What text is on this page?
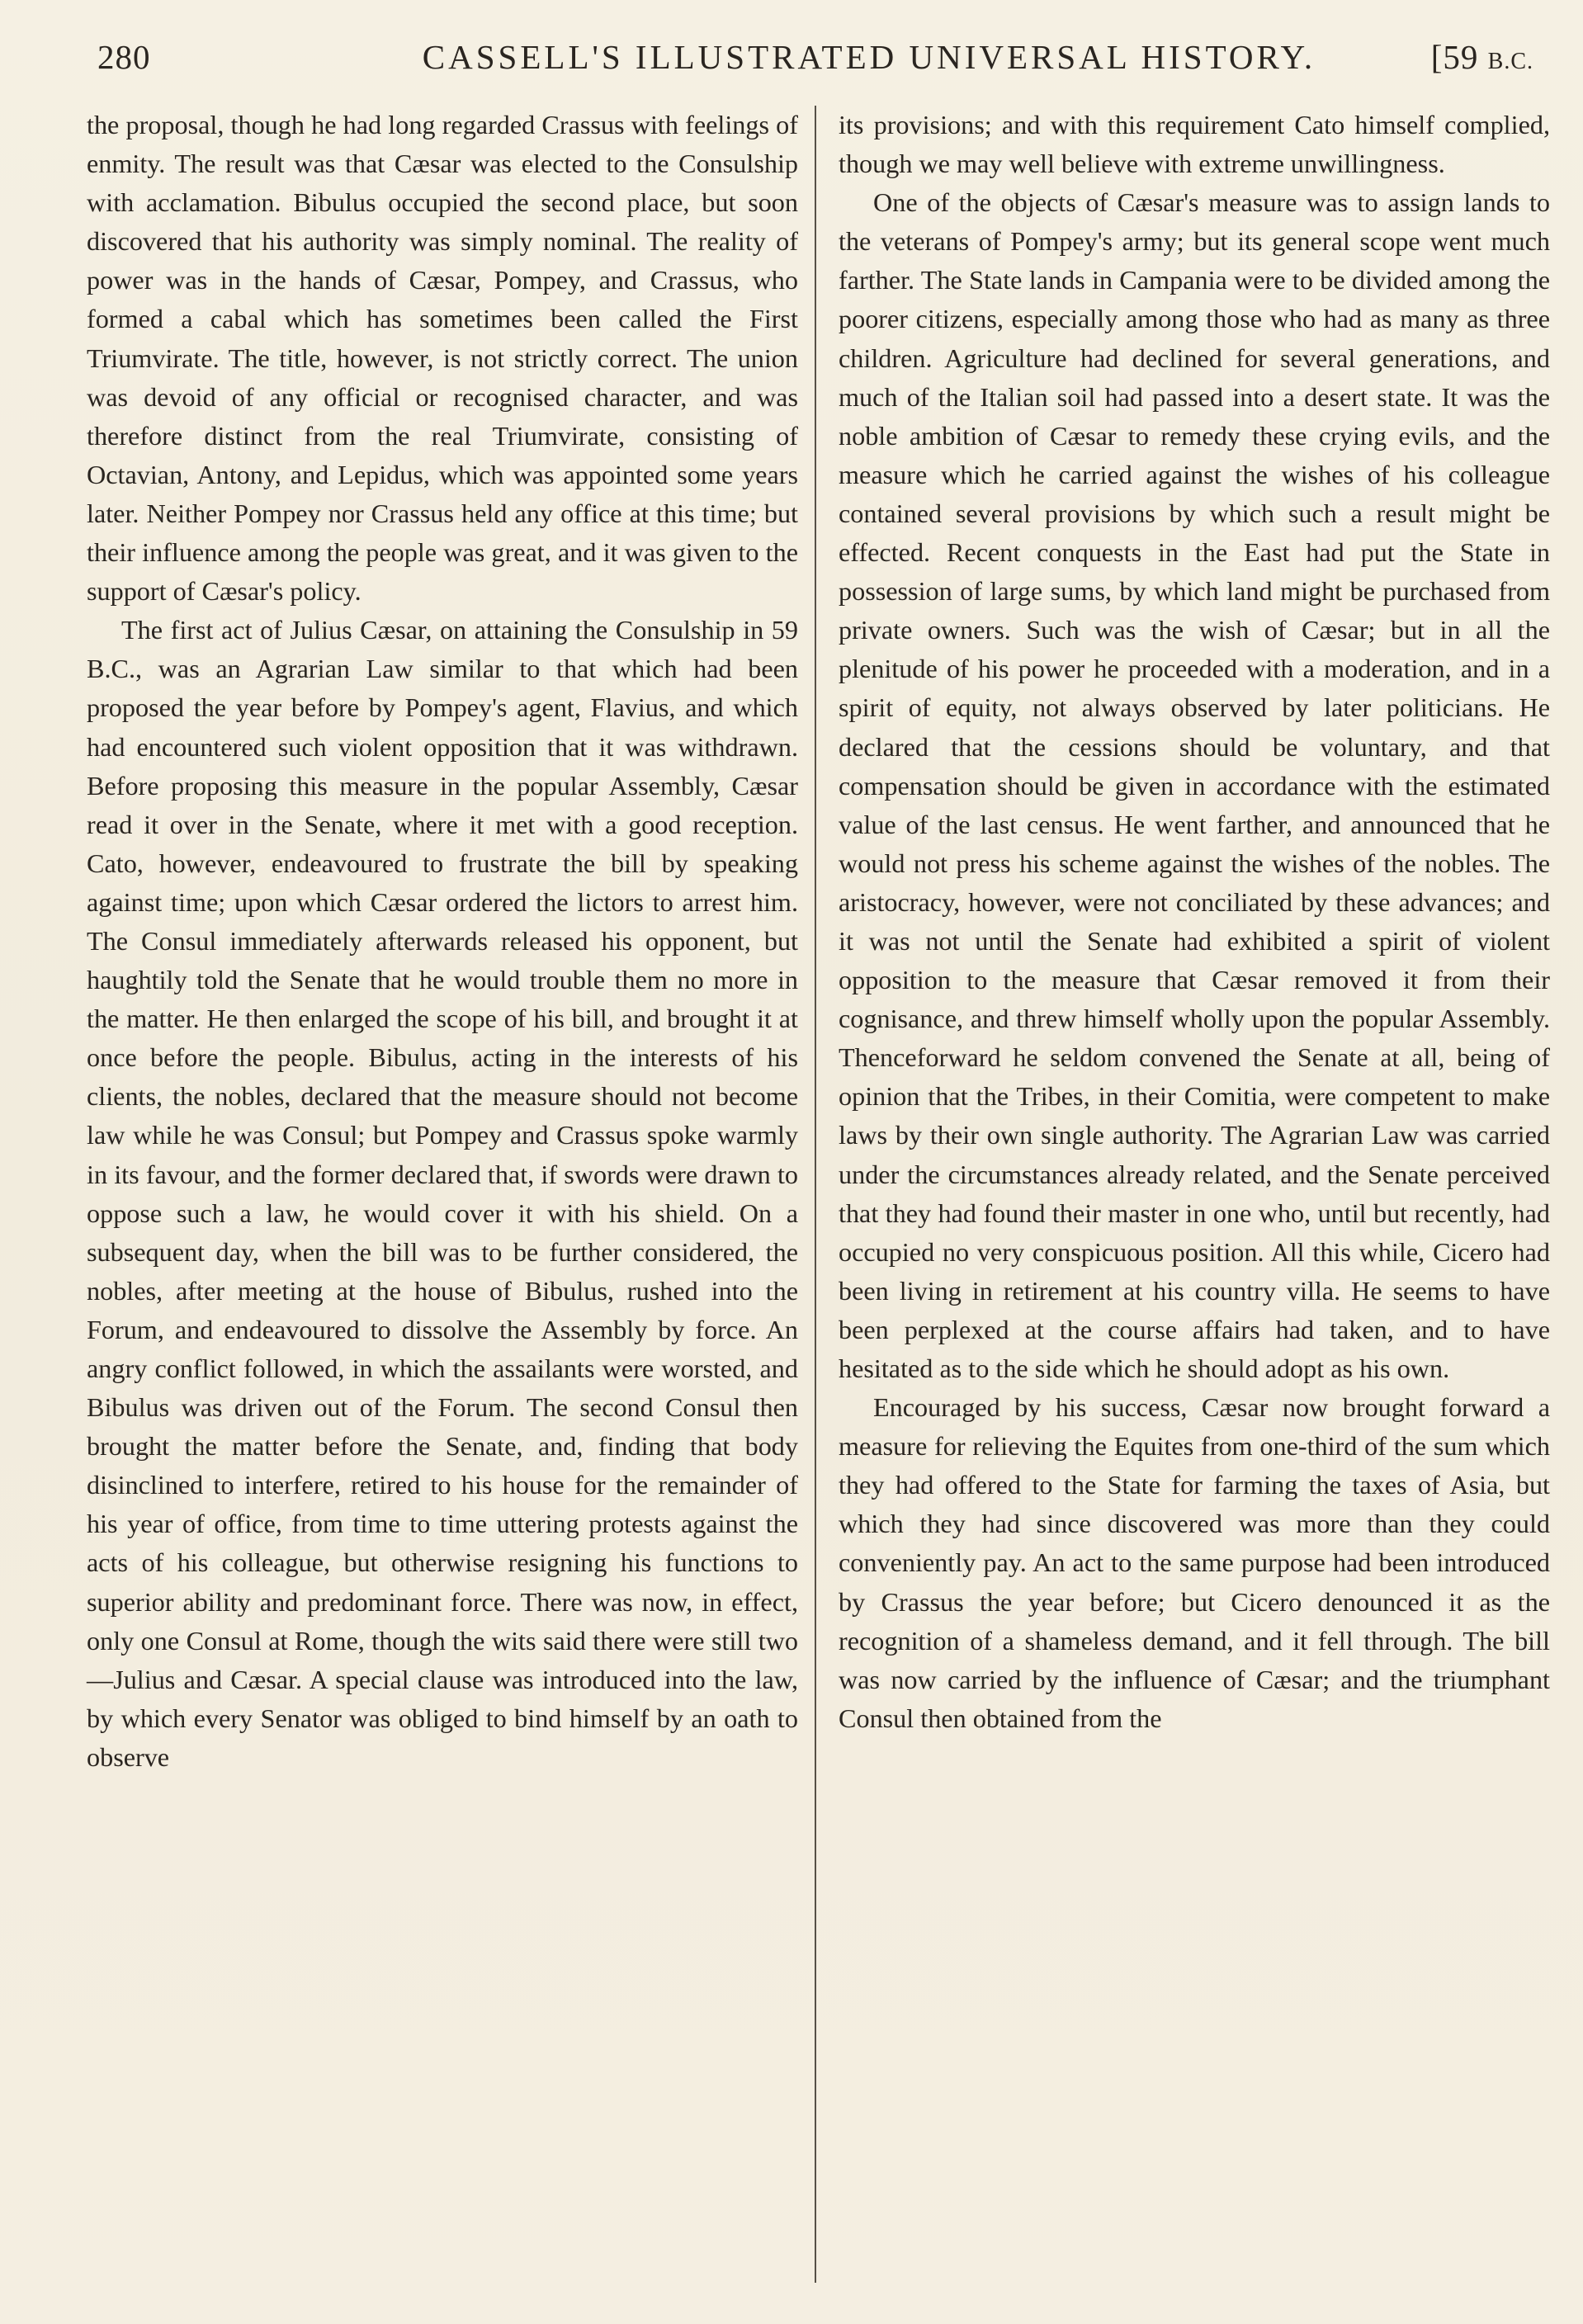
280	CASSELL'S ILLUSTRATED UNIVERSAL HISTORY.	[59 B.C.

the proposal, though he had long regarded Crassus with feelings of enmity. The result was that Cæsar was elected to the Consulship with acclamation. Bibulus occupied the second place, but soon discovered that his authority was simply nominal. The reality of power was in the hands of Cæsar, Pompey, and Crassus, who formed a cabal which has sometimes been called the First Triumvirate. The title, however, is not strictly correct. The union was devoid of any official or recognised character, and was therefore distinct from the real Triumvirate, consisting of Octavian, Antony, and Lepidus, which was appointed some years later. Neither Pompey nor Crassus held any office at this time; but their influence among the people was great, and it was given to the support of Cæsar's policy.

The first act of Julius Cæsar, on attaining the Consulship in 59 B.C., was an Agrarian Law similar to that which had been proposed the year before by Pompey's agent, Flavius, and which had encountered such violent opposition that it was withdrawn. Before proposing this measure in the popular Assembly, Cæsar read it over in the Senate, where it met with a good reception. Cato, however, endeavoured to frustrate the bill by speaking against time; upon which Cæsar ordered the lictors to arrest him. The Consul immediately afterwards released his opponent, but haughtily told the Senate that he would trouble them no more in the matter. He then enlarged the scope of his bill, and brought it at once before the people. Bibulus, acting in the interests of his clients, the nobles, declared that the measure should not become law while he was Consul; but Pompey and Crassus spoke warmly in its favour, and the former declared that, if swords were drawn to oppose such a law, he would cover it with his shield. On a subsequent day, when the bill was to be further considered, the nobles, after meeting at the house of Bibulus, rushed into the Forum, and endeavoured to dissolve the Assembly by force. An angry conflict followed, in which the assailants were worsted, and Bibulus was driven out of the Forum. The second Consul then brought the matter before the Senate, and, finding that body disinclined to interfere, retired to his house for the remainder of his year of office, from time to time uttering protests against the acts of his colleague, but otherwise resigning his functions to superior ability and predominant force. There was now, in effect, only one Consul at Rome, though the wits said there were still two—Julius and Cæsar. A special clause was introduced into the law, by which every Senator was obliged to bind himself by an oath to observe

its provisions; and with this requirement Cato himself complied, though we may well believe with extreme unwillingness.

One of the objects of Cæsar's measure was to assign lands to the veterans of Pompey's army; but its general scope went much farther. The State lands in Campania were to be divided among the poorer citizens, especially among those who had as many as three children. Agriculture had declined for several generations, and much of the Italian soil had passed into a desert state. It was the noble ambition of Cæsar to remedy these crying evils, and the measure which he carried against the wishes of his colleague contained several provisions by which such a result might be effected. Recent conquests in the East had put the State in possession of large sums, by which land might be purchased from private owners. Such was the wish of Cæsar; but in all the plenitude of his power he proceeded with a moderation, and in a spirit of equity, not always observed by later politicians. He declared that the cessions should be voluntary, and that compensation should be given in accordance with the estimated value of the last census. He went farther, and announced that he would not press his scheme against the wishes of the nobles. The aristocracy, however, were not conciliated by these advances; and it was not until the Senate had exhibited a spirit of violent opposition to the measure that Cæsar removed it from their cognisance, and threw himself wholly upon the popular Assembly. Thenceforward he seldom convened the Senate at all, being of opinion that the Tribes, in their Comitia, were competent to make laws by their own single authority. The Agrarian Law was carried under the circumstances already related, and the Senate perceived that they had found their master in one who, until but recently, had occupied no very conspicuous position. All this while, Cicero had been living in retirement at his country villa. He seems to have been perplexed at the course affairs had taken, and to have hesitated as to the side which he should adopt as his own.

Encouraged by his success, Cæsar now brought forward a measure for relieving the Equites from one-third of the sum which they had offered to the State for farming the taxes of Asia, but which they had since discovered was more than they could conveniently pay. An act to the same purpose had been introduced by Crassus the year before; but Cicero denounced it as the recognition of a shameless demand, and it fell through. The bill was now carried by the influence of Cæsar; and the triumphant Consul then obtained from the
